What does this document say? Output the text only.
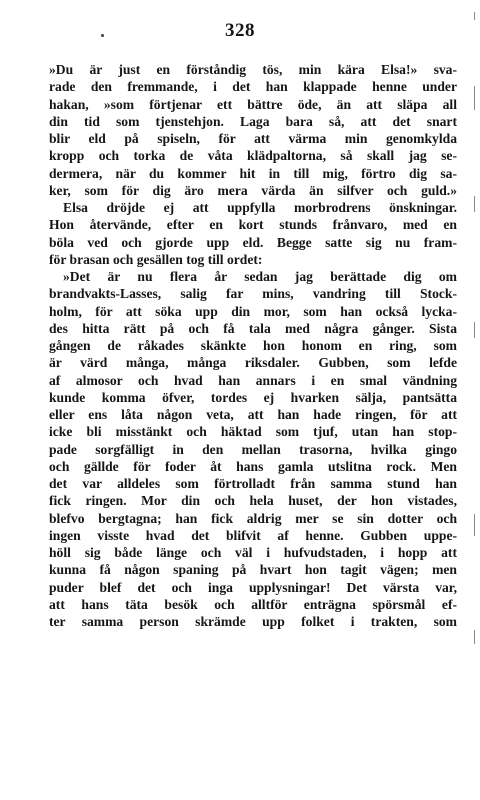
328
»Du är just en förståndig tös, min kära Elsa!» sva-
rade den fremmande, i det han klappade henne under
hakan, »som förtjenar ett bättre öde, än att släpa all
din tid som tjenstehjon. Laga bara så, att det snart
blir eld på spiseln, för att värma min genomkylda
kropp och torka de våta klädpaltorna, så skall jag se-
dermera, när du kommer hit in till mig, förtro dig sa-
ker, som för dig äro mera värda än silfver och guld.»
Elsa dröjde ej att uppfylla morbrodrens önskningar.
Hon återvände, efter en kort stunds frånvaro, med en
böla ved och gjorde upp eld. Begge satte sig nu fram-
för brasan och gesällen tog till ordet:
»Det är nu flera år sedan jag berättade dig om
brandvakts-Lasses, salig far mins, vandring till Stock-
holm, för att söka upp din mor, som han också lycka-
des hitta rätt på och få tala med några gånger. Sista
gången de råkades skänkte hon honom en ring, som
är värd många, många riksdaler. Gubben, som lefde
af almosor och hvad han annars i en smal vändning
kunde komma öfver, tordes ej hvarken sälja, pantsätta
eller ens låta någon veta, att han hade ringen, för att
icke bli misstänkt och häktad som tjuf, utan han stop-
pade sorgfälligt in den mellan trasorna, hvilka gingo
och gällde för foder åt hans gamla utslitna rock. Men
det var alldeles som förtrolladt från samma stund han
fick ringen. Mor din och hela huset, der hon vistades,
blefvo bergtagna; han fick aldrig mer se sin dotter och
ingen visste hvad det blifvit af henne. Gubben uppe-
höll sig både länge och väl i hufvudstaden, i hopp att
kunna få någon spaning på hvart hon tagit vägen; men
puder blef det och inga upplysningar! Det värsta var,
att hans täta besök och alltför enträgna spörsmål ef-
ter samma person skrämde upp folket i trakten, som
